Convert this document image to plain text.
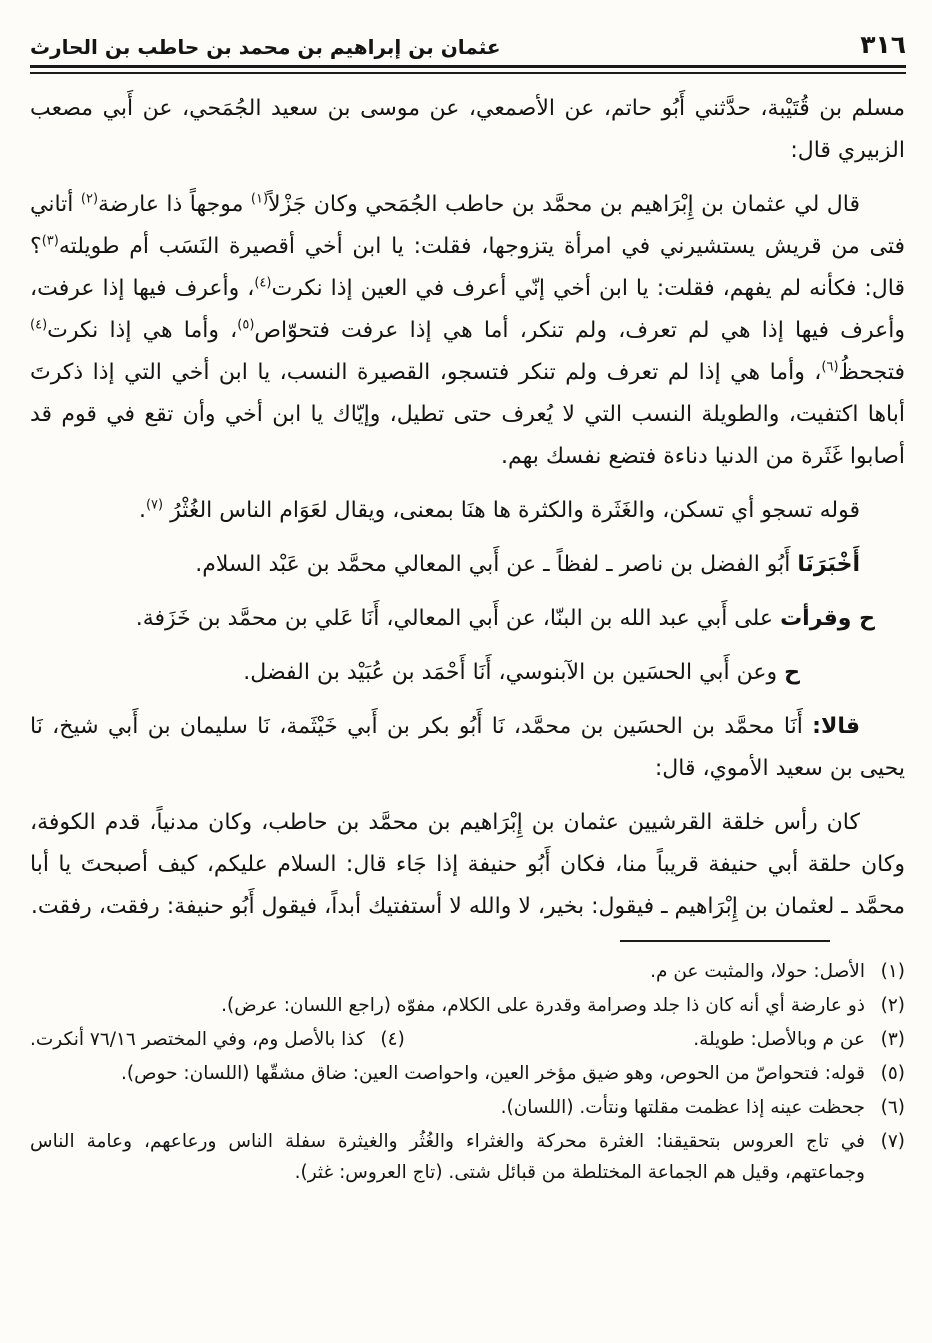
٣١٦
عثمان بن إبراهيم بن محمد بن حاطب بن الحارث

مسلم بن قُتَيْبة، حدَّثني أَبُو حاتم، عن الأصمعي، عن موسى بن سعيد الجُمَحي، عن أَبي مصعب الزبيري قال:

قال لي عثمان بن إِبْرَاهيم بن محمَّد بن حاطب الجُمَحي وكان جَزْلاً$^{(١)}$ موجهاً ذا عارضة$^{(٢)}$ أتاني فتى من قريش يستشيرني في امرأة يتزوجها، فقلت: يا ابن أخي أقصيرة النَسَب أم طويلته$^{(٣)}$؟ قال: فكأنه لم يفهم، فقلت: يا ابن أخي إنّي أعرف في العين إذا نكرت$^{(٤)}$، وأعرف فيها إذا عرفت، وأعرف فيها إذا هي لم تعرف، ولم تنكر، أما هي إذا عرفت فتحوّاص$^{(٥)}$، وأما هي إذا نكرت$^{(٤)}$ فتجحظُ$^{(٦)}$، وأما هي إذا لم تعرف ولم تنكر فتسجو، القصيرة النسب، يا ابن أخي التي إذا ذكرتَ أباها اكتفيت، والطويلة النسب التي لا يُعرف حتى تطيل، وإيّاك يا ابن أخي وأن تقع في قوم قد أصابوا غَثَرة من الدنيا دناءة فتضع نفسك بهم.

قوله تسجو أي تسكن، والغَثَرة والكثرة ها هنَا بمعنى، ويقال لعَوَام الناس الغُثْرُ $^{(٧)}$.

أَخْبَرَنَا أَبُو الفضل بن ناصر ـ لفظاً ـ عن أَبي المعالي محمَّد بن عَبْد السلام.

ح وقرأت على أَبي عبد الله بن البنّا، عن أَبي المعالي، أَنَا عَلي بن محمَّد بن خَزَفة.

ح وعن أَبي الحسَين بن الآبنوسي، أَنَا أَحْمَد بن عُبَيْد بن الفضل.

قالا: أَنَا محمَّد بن الحسَين بن محمَّد، نَا أَبُو بكر بن أَبي خَيْثَمة، نَا سليمان بن أَبي شيخ، نَا يحيى بن سعيد الأموي، قال:

كان رأس خلقة القرشيين عثمان بن إِبْرَاهيم بن محمَّد بن حاطب، وكان مدنياً، قدم الكوفة، وكان حلقة أبي حنيفة قريباً منا، فكان أَبُو حنيفة إذا جَاء قال: السلام عليكم، كيف أصبحتَ يا أبا محمَّد ـ لعثمان بن إِبْرَاهيم ـ فيقول: بخير، لا والله لا أستفتيك أبداً، فيقول أَبُو حنيفة: رفقت، رفقت.

(١)
الأصل: حولا، والمثبت عن م.
(٢)
ذو عارضة أي أنه كان ذا جلد وصرامة وقدرة على الكلام، مفوّه (راجع اللسان: عرض).
(٣)
عن م وبالأصل: طويلة.
(٤)
كذا بالأصل وم، وفي المختصر ٧٦/١٦ أنكرت.
(٥)
قوله: فتحواصّ من الحوص، وهو ضيق مؤخر العين، واحواصت العين: ضاق مشقّها (اللسان: حوص).
(٦)
جحظت عينه إذا عظمت مقلتها ونتأت. (اللسان).
(٧)
في تاج العروس بتحقيقنا: الغثرة محركة والغثراء والغُثُر والغيثرة سفلة الناس ورعاعهم، وعامة الناس وجماعتهم، وقيل هم الجماعة المختلطة من قبائل شتى. (تاج العروس: غثر).
